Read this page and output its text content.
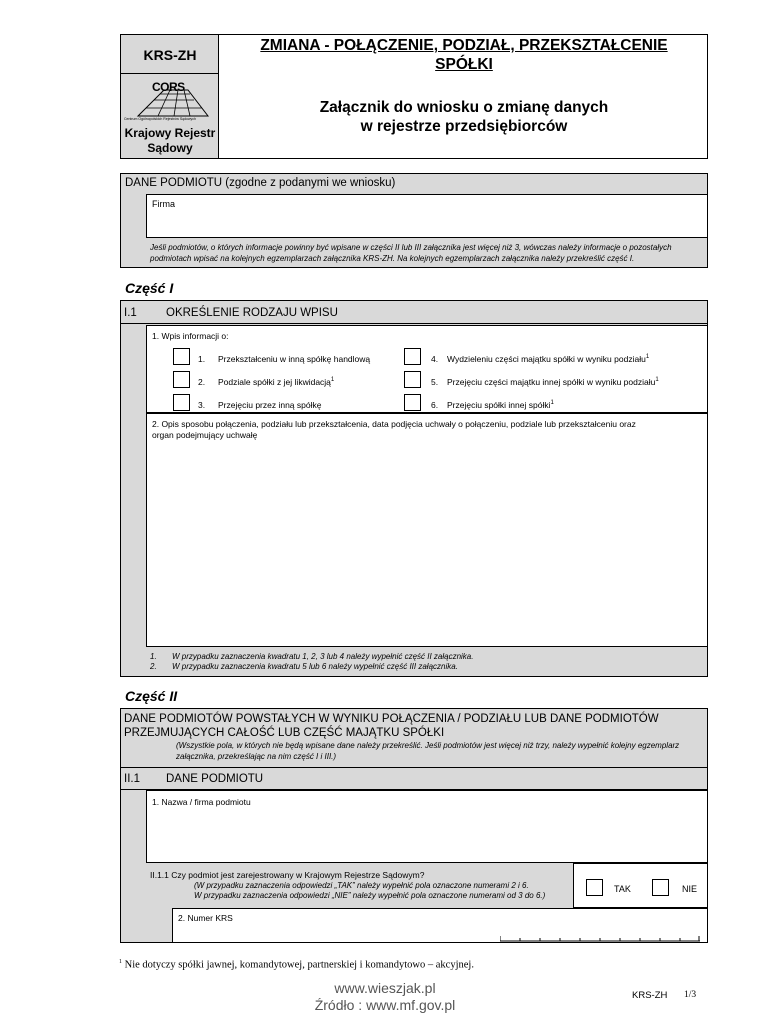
KRS-ZH
CORS
Centrum Ogólnopolskich Rejestrów Sądowych
Krajowy Rejestr
Sądowy
ZMIANA - POŁĄCZENIE, PODZIAŁ, PRZEKSZTAŁCENIE
SPÓŁKI
Załącznik do wniosku o zmianę danych
w rejestrze przedsiębiorców
DANE PODMIOTU (zgodne z podanymi we wniosku)
Firma
Jeśli podmiotów, o których informacje powinny być wpisane w części II lub III załącznika jest więcej niż 3, wówczas należy informacje o pozostałych
podmiotach wpisać na kolejnych egzemplarzach załącznika KRS-ZH. Na kolejnych egzemplarzach załącznika należy przekreślić część I.
Część I
I.1	OKREŚLENIE RODZAJU WPISU
1. Wpis informacji o:
1. Przekształceniu w inną spółkę handlową
2. Podziale spółki z jej likwidacją$^1$
3. Przejęciu przez inną spółkę
4. Wydzieleniu części majątku spółki w wyniku podziału$^1$
5. Przejęciu części majątku innej spółki w wyniku podziału$^1$
6. Przejęciu spółki innej spółki$^1$
2. Opis sposobu połączenia, podziału lub przekształcenia, data podjęcia uchwały o połączeniu, podziale lub przekształceniu oraz
organ podejmujący uchwałę
1. W przypadku zaznaczenia kwadratu 1, 2, 3 lub 4 należy wypełnić część II załącznika.
2. W przypadku zaznaczenia kwadratu 5 lub 6 należy wypełnić część III załącznika.
Część II
DANE PODMIOTÓW POWSTAŁYCH W WYNIKU POŁĄCZENIA / PODZIAŁU LUB DANE PODMIOTÓW
PRZEJMUJĄCYCH CAŁOŚĆ LUB CZĘŚĆ MAJĄTKU SPÓŁKI
(Wszystkie pola, w których nie będą wpisane dane należy przekreślić. Jeśli podmiotów jest więcej niż trzy, należy wypełnić kolejny egzemplarz
załącznika, przekreślając na nim część I i III.)
II.1 DANE PODMIOTU
1. Nazwa / firma podmiotu
II.1.1 Czy podmiot jest zarejestrowany w Krajowym Rejestrze Sądowym?
(W przypadku zaznaczenia odpowiedzi „TAK” należy wypełnić pola oznaczone numerami 2 i 6.
W przypadku zaznaczenia odpowiedzi „NIE” należy wypełnić pola oznaczone numerami od 3 do 6.)
TAK	NIE
2. Numer KRS
$^1$ Nie dotyczy spółki jawnej, komandytowej, partnerskiej i komandytowo – akcyjnej.
www.wieszjak.pl
Źródło : www.mf.gov.pl
KRS-ZH 1/3
